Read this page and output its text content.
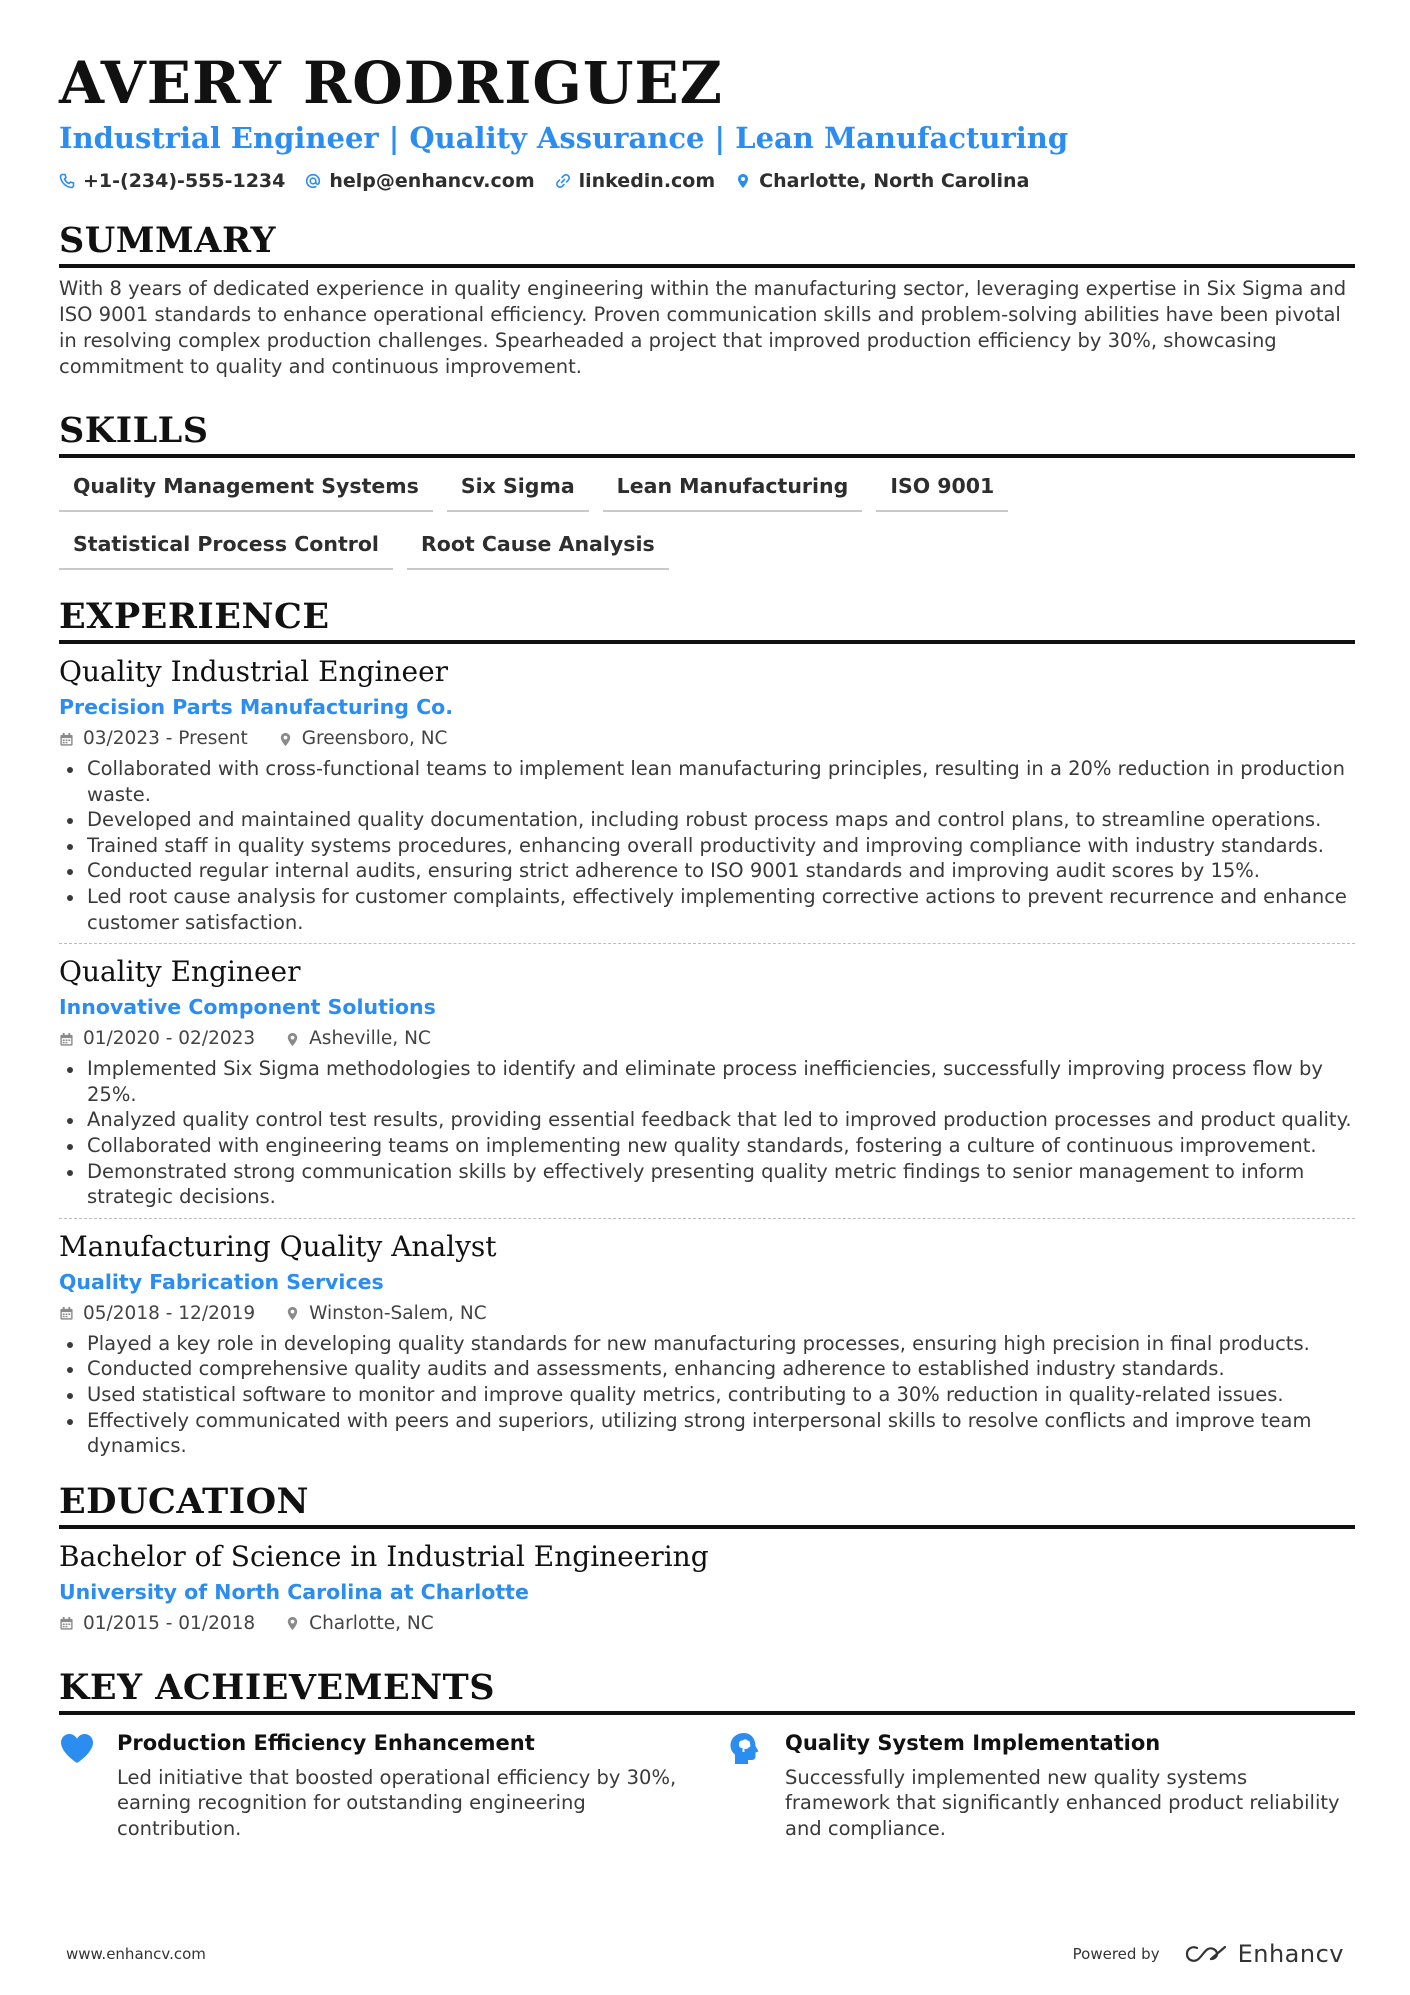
AVERY RODRIGUEZ
Industrial Engineer | Quality Assurance | Lean Manufacturing
+1-(234)-555-1234 help@enhancv.com linkedin.com Charlotte, North Carolina
SUMMARY

With 8 years of dedicated experience in quality engineering within the manufacturing sector, leveraging expertise in Six Sigma and ISO 9001 standards to enhance operational efficiency. Proven communication skills and problem-solving abilities have been pivotal in resolving complex production challenges. Spearheaded a project that improved production efficiency by 30%, showcasing commitment to quality and continuous improvement.

SKILLS
Quality Management Systems	Six Sigma	Lean Manufacturing	ISO 9001
Statistical Process Control	Root Cause Analysis
EXPERIENCE
Quality Industrial Engineer
Precision Parts Manufacturing Co.
03/2023 - Present	Greensboro, NC
Collaborated with cross-functional teams to implement lean manufacturing principles, resulting in a 20% reduction in production waste.
Developed and maintained quality documentation, including robust process maps and control plans, to streamline operations.
Trained staff in quality systems procedures, enhancing overall productivity and improving compliance with industry standards.
Conducted regular internal audits, ensuring strict adherence to ISO 9001 standards and improving audit scores by 15%.
Led root cause analysis for customer complaints, effectively implementing corrective actions to prevent recurrence and enhance customer satisfaction.
Quality Engineer
Innovative Component Solutions
01/2020 - 02/2023	Asheville, NC
Implemented Six Sigma methodologies to identify and eliminate process inefficiencies, successfully improving process flow by 25%.
Analyzed quality control test results, providing essential feedback that led to improved production processes and product quality.
Collaborated with engineering teams on implementing new quality standards, fostering a culture of continuous improvement.
Demonstrated strong communication skills by effectively presenting quality metric findings to senior management to inform strategic decisions.
Manufacturing Quality Analyst
Quality Fabrication Services
05/2018 - 12/2019	Winston-Salem, NC
Played a key role in developing quality standards for new manufacturing processes, ensuring high precision in final products.
Conducted comprehensive quality audits and assessments, enhancing adherence to established industry standards.
Used statistical software to monitor and improve quality metrics, contributing to a 30% reduction in quality-related issues.
Effectively communicated with peers and superiors, utilizing strong interpersonal skills to resolve conflicts and improve team dynamics.
EDUCATION
Bachelor of Science in Industrial Engineering
University of North Carolina at Charlotte
01/2015 - 01/2018	Charlotte, NC
KEY ACHIEVEMENTS
Production Efficiency Enhancement
Led initiative that boosted operational efficiency by 30%, earning recognition for outstanding engineering contribution.
Quality System Implementation
Successfully implemented new quality systems framework that significantly enhanced product reliability and compliance.
www.enhancv.com	Powered by	Enhancv
